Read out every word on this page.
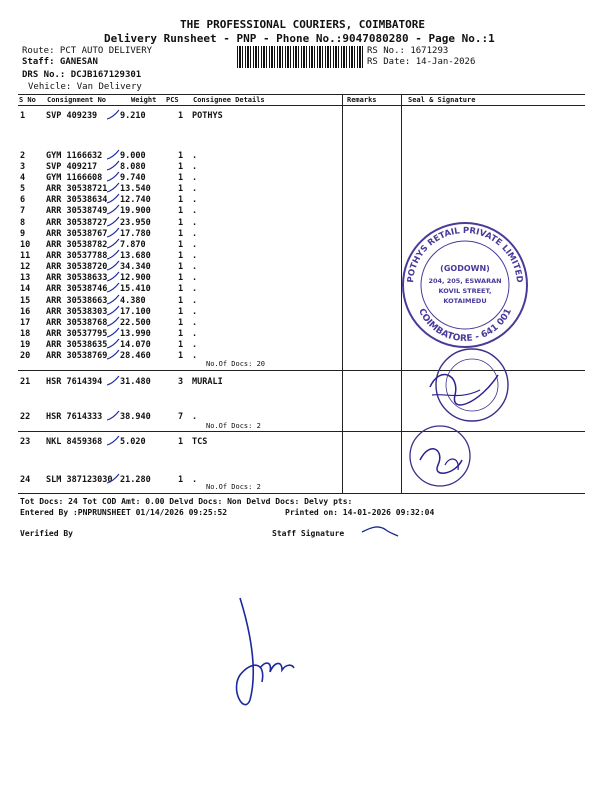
THE PROFESSIONAL COURIERS, COIMBATORE
Delivery Runsheet - PNP - Phone No.:9047080280 - Page No.:1
Route: PCT AUTO DELIVERY
Staff: GANESAN
DRS No.: DCJB167129301
Vehicle: Van Delivery
RS No.: 1671293
RS Date: 14-Jan-2026
S No Consignment No	Weight PCS Consignee Details	Remarks	Seal & Signature
1 SVP 409239	9.210	1 POTHYS
2 GYM 1166632 9.000	1 .
3 SVP 409217	8.080	1 .
4 GYM 1166608 9.740	1 .
5 ARR 30538721 13.540	1 .
6 ARR 30538634 12.740	1 .
7 ARR 30538749 19.900	1 .
8 ARR 30538727 23.950	1 .
9 ARR 30538767 17.780	1 .
10 ARR 30538782 7.870	1 .
11 ARR 30537788 13.680	1 .
12 ARR 30538720 34.340	1 .
13 ARR 30538633 12.900	1 .
14 ARR 30538746 15.410	1 .
15 ARR 30538663 4.380	1 .
16 ARR 30538303 17.100	1 .
17 ARR 30538768 22.500	1 .
18 ARR 30537795 13.990	1 .
19 ARR 30538635 14.070	1 .
20 ARR 30538769 28.460	1 .
21 HSR 7614394 31.480	3 MURALI
22 HSR 7614333 38.940	7 .
23 NKL 8459368 5.020	1 TCS
24 SLM 387123030 21.280	1 .
No.Of Docs: 20
No.Of Docs: 2
No.Of Docs: 2
Tot Docs: 24 Tot COD Amt: 0.00 Delvd Docs: Non Delvd Docs: Delvy pts:
Entered By :PNPRUNSHEET 01/14/2026 09:25:52	Printed on: 14-01-2026 09:32:04
Verified By	Staff Signature
POTHYS RETAIL PRIVATE LIMITED
COIMBATORE - 641 001
(GODOWN)
204, 205, ESWARAN
KOVIL STREET,
KOTAIMEDU
